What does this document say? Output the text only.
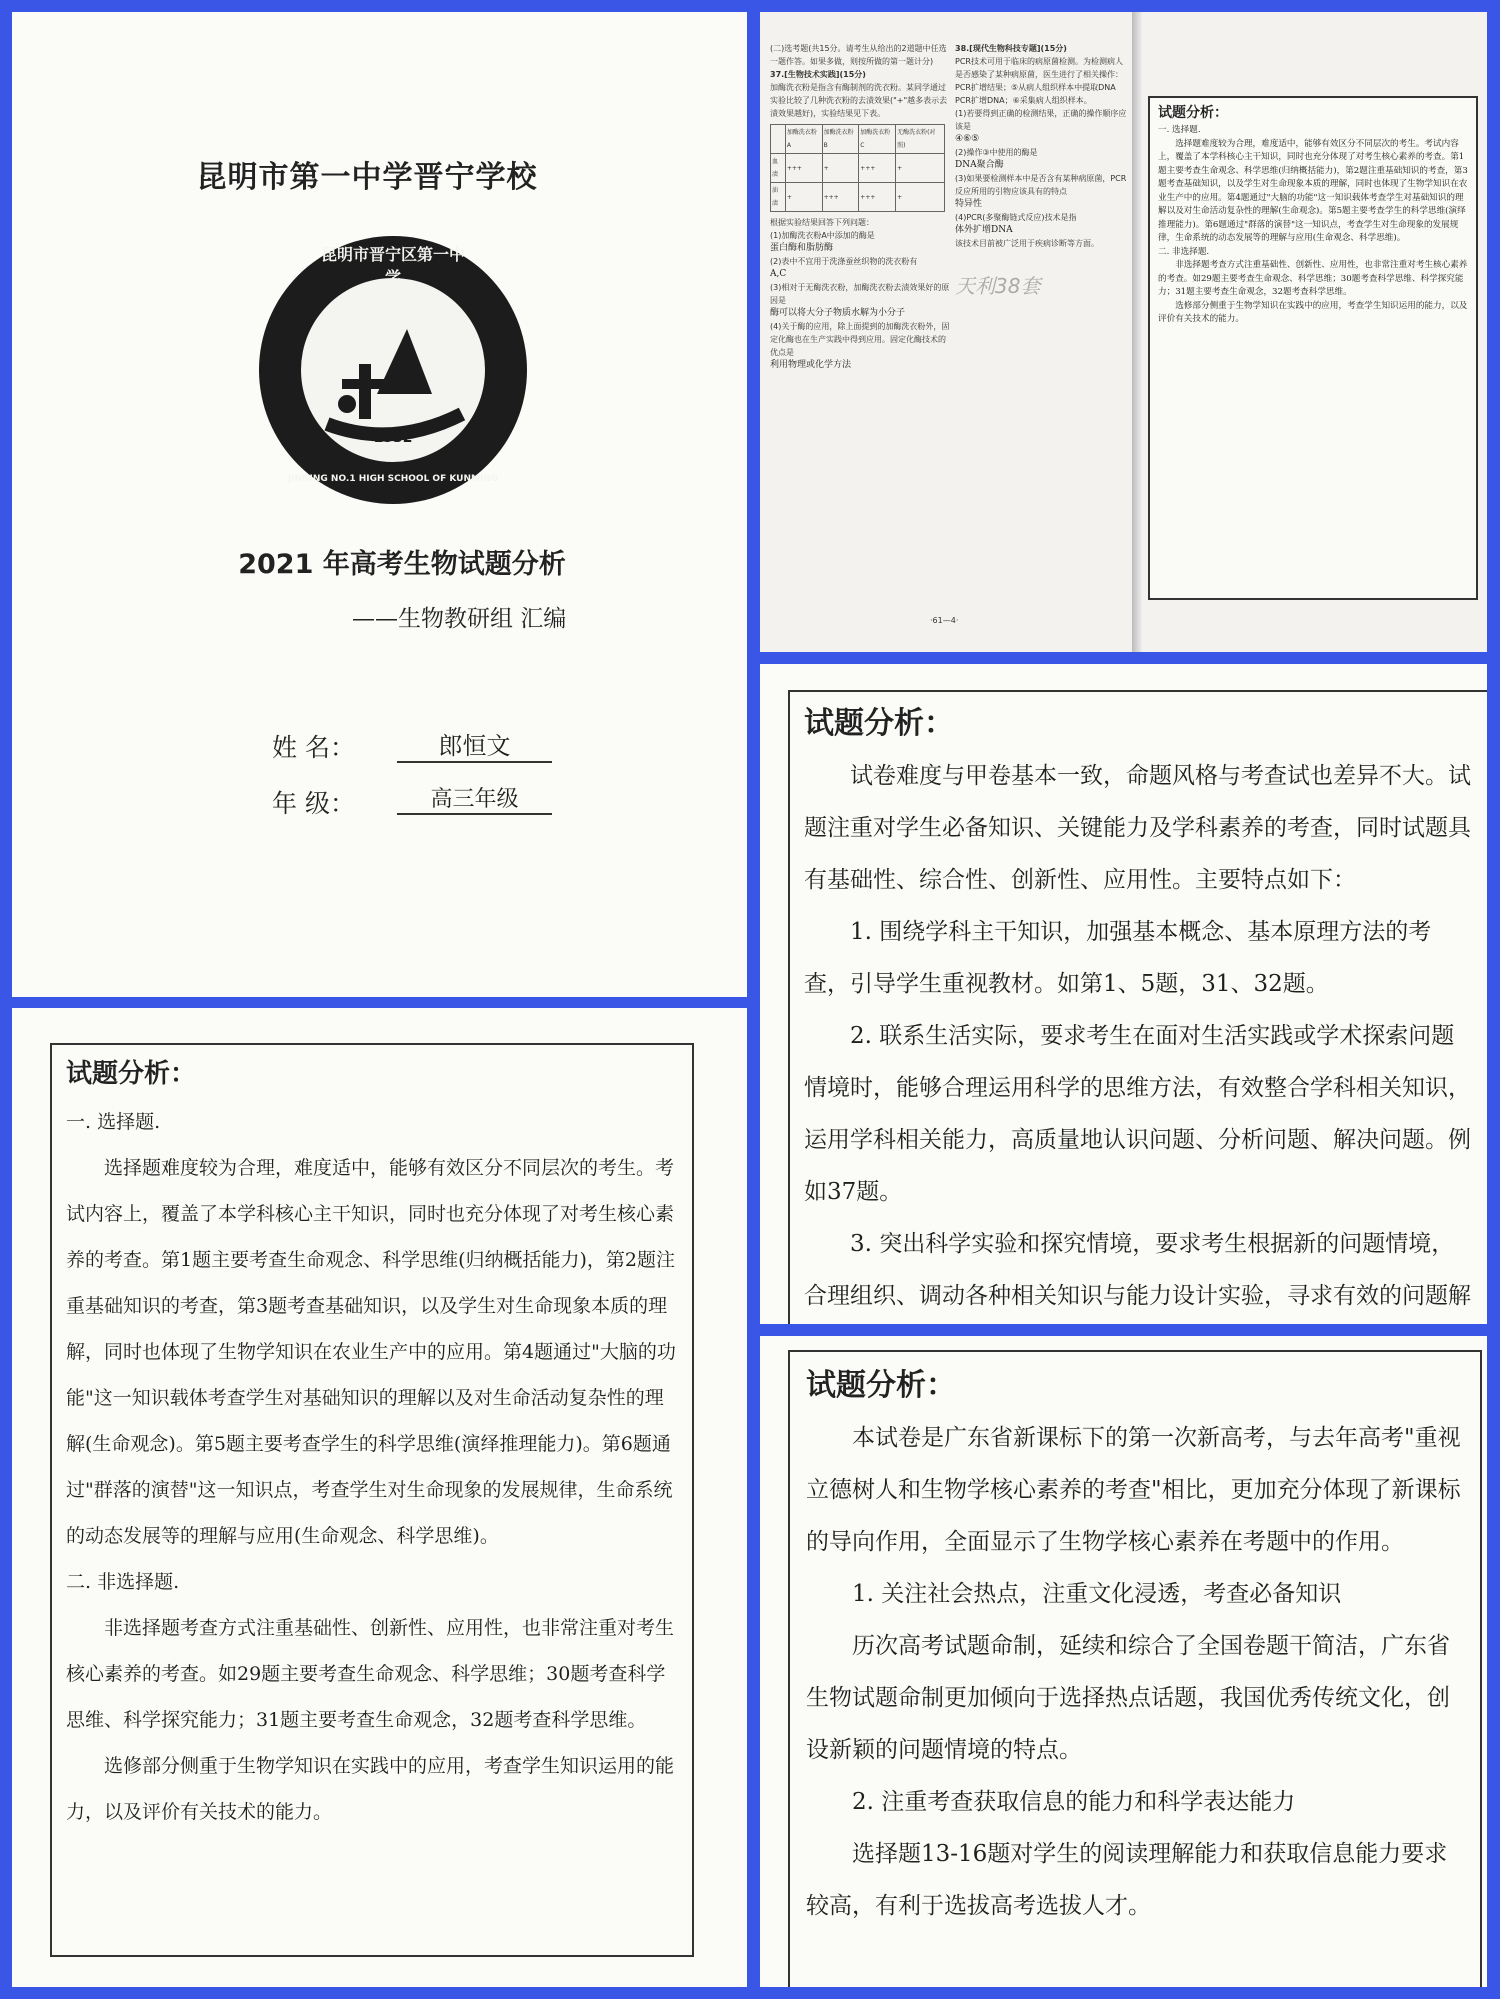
昆明市第一中学晋宁学校
昆明市晋宁区第一中学
1932
JINNING NO.1 HIGH SCHOOL OF KUNMING
2021 年高考生物试题分析
——生物教研组 汇编
姓 名：	郎恒文
年 级：	高三年级

(二)选考题(共15分。请考生从给出的2道题中任选一题作答。如果多做，则按所做的第一题计分)

37.[生物技术实践](15分)

加酶洗衣粉是指含有酶制剂的洗衣粉。某同学通过实验比较了几种洗衣粉的去渍效果("+"越多表示去渍效果越好)，实验结果见下表。

	加酶洗衣粉A	加酶洗衣粉B	加酶洗衣粉C	无酶洗衣粉(对照)
血渍	+++	+	+++	+
油渍	+	+++	+++	+

根据实验结果回答下列问题：

(1)加酶洗衣粉A中添加的酶是

蛋白酶和脂肪酶

(2)表中不宜用于洗涤蚕丝织物的洗衣粉有

A,C

(3)相对于无酶洗衣粉，加酶洗衣粉去渍效果好的原因是

酶可以将大分子物质水解为小分子

(4)关于酶的应用，除上面提到的加酶洗衣粉外，固定化酶也在生产实践中得到应用。固定化酶技术的优点是

利用物理或化学方法

38.[现代生物科技专题](15分)

PCR技术可用于临床的病原菌检测。为检测病人是否感染了某种病原菌，医生进行了相关操作：

PCR扩增结果；⑤从病人组织样本中提取DNA

PCR扩增DNA；⑥采集病人组织样本。

(1)若要得到正确的检测结果，正确的操作顺序应该是

④⑥⑤

(2)操作③中使用的酶是

DNA聚合酶

(3)如果要检测样本中是否含有某种病原菌，PCR反应所用的引物应该具有的特点

特异性

(4)PCR(多聚酶链式反应)技术是指

体外扩增DNA

该技术目前被广泛用于疾病诊断等方面。

天利38套

·61—4·
试题分析：

一. 选择题.

选择题难度较为合理，难度适中，能够有效区分不同层次的考生。考试内容上，覆盖了本学科核心主干知识，同时也充分体现了对考生核心素养的考查。第1题主要考查生命观念、科学思维(归纳概括能力)，第2题注重基础知识的考查，第3题考查基础知识，以及学生对生命现象本质的理解，同时也体现了生物学知识在农业生产中的应用。第4题通过"大脑的功能"这一知识载体考查学生对基础知识的理解以及对生命活动复杂性的理解(生命观念)。第5题主要考查学生的科学思维(演绎推理能力)。第6题通过"群落的演替"这一知识点，考查学生对生命现象的发展规律，生命系统的动态发展等的理解与应用(生命观念、科学思维)。

二. 非选择题.

非选择题考查方式注重基础性、创新性、应用性，也非常注重对考生核心素养的考查。如29题主要考查生命观念、科学思维；30题考查科学思维、科学探究能力；31题主要考查生命观念，32题考查科学思维。

选修部分侧重于生物学知识在实践中的应用，考查学生知识运用的能力，以及评价有关技术的能力。

试题分析：

一. 选择题.

选择题难度较为合理，难度适中，能够有效区分不同层次的考生。考试内容上，覆盖了本学科核心主干知识，同时也充分体现了对考生核心素养的考查。第1题主要考查生命观念、科学思维(归纳概括能力)，第2题注重基础知识的考查，第3题考查基础知识，以及学生对生命现象本质的理解，同时也体现了生物学知识在农业生产中的应用。第4题通过"大脑的功能"这一知识载体考查学生对基础知识的理解以及对生命活动复杂性的理解(生命观念)。第5题主要考查学生的科学思维(演绎推理能力)。第6题通过"群落的演替"这一知识点，考查学生对生命现象的发展规律，生命系统的动态发展等的理解与应用(生命观念、科学思维)。

二. 非选择题.

非选择题考查方式注重基础性、创新性、应用性，也非常注重对考生核心素养的考查。如29题主要考查生命观念、科学思维；30题考查科学思维、科学探究能力；31题主要考查生命观念，32题考查科学思维。

选修部分侧重于生物学知识在实践中的应用，考查学生知识运用的能力，以及评价有关技术的能力。

试题分析：

试卷难度与甲卷基本一致，命题风格与考查试也差异不大。试题注重对学生必备知识、关键能力及学科素养的考查，同时试题具有基础性、综合性、创新性、应用性。主要特点如下：

1. 围绕学科主干知识，加强基本概念、基本原理方法的考查，引导学生重视教材。如第1、5题，31、32题。

2. 联系生活实际，要求考生在面对生活实践或学术探索问题情境时，能够合理运用科学的思维方法，有效整合学科相关知识，运用学科相关能力，高质量地认识问题、分析问题、解决问题。例如37题。

3. 突出科学实验和探究情境，要求考生根据新的问题情境，合理组织、调动各种相关知识与能力设计实验，寻求有效的问题解

试题分析：

本试卷是广东省新课标下的第一次新高考，与去年高考"重视立德树人和生物学核心素养的考查"相比，更加充分体现了新课标的导向作用，全面显示了生物学核心素养在考题中的作用。

1. 关注社会热点，注重文化浸透，考查必备知识

历次高考试题命制，延续和综合了全国卷题干简洁，广东省生物试题命制更加倾向于选择热点话题，我国优秀传统文化，创设新颖的问题情境的特点。

2. 注重考查获取信息的能力和科学表达能力

选择题13-16题对学生的阅读理解能力和获取信息能力要求较高，有利于选拔高考选拔人才。
